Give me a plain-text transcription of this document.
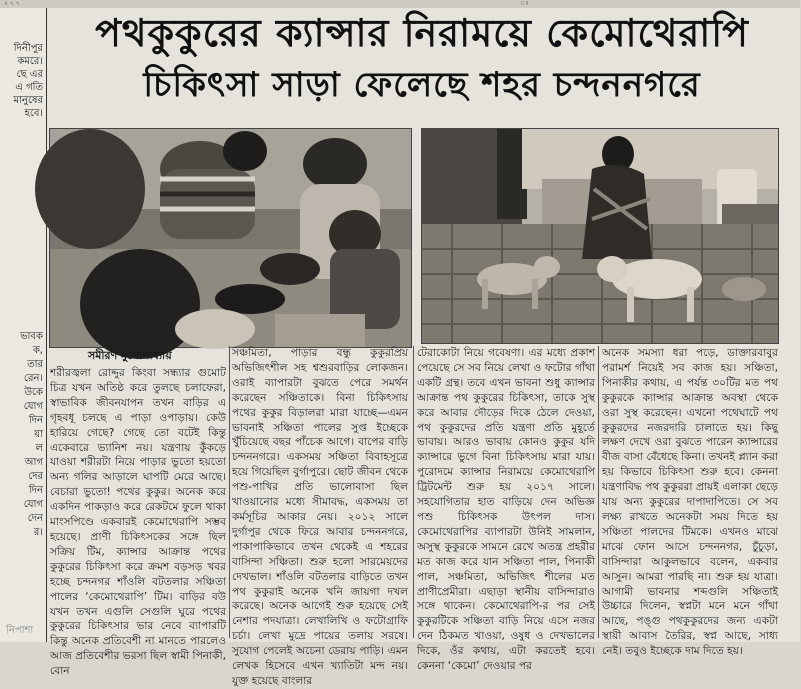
২ ৭ ৭	ঃ
দিনীপুর
কমরে।
ছে এর
এ গতি
মানুষের
হবে।
ভাবক
ক,
তার
রেন।
উকে
যোগ
দিন
য়া
ল
আগ
দের
দিন
যোগ
দেন
র।
পথকুকুরের ক্যান্সার নিরাময়ে কেমোথেরাপি
চিকিৎসা সাড়া ফেলেছে শহর চন্দননগরে
সমীরণ মুখোপাধ্যায়
শরীরজ্বলা রোদ্দুর কিংবা সন্ধ্যার গুমোট চিত্র যখন অতিষ্ঠ করে তুলছে চলাফেরা, স্বাভাবিক জীবনযাপন তখন বাড়ির এ গৃহবধূ চলছে এ পাড়া ওপাড়ায়। কেউ হারিয়ে গেছে? গেছে তো বটেই কিন্তু একেবারে ভ্যানিশ নয়। যন্ত্রণায় কুঁকড়ে যাওয়া শরীরটা নিয়ে পাড়ার ভুতো হয়তো অন্য গলির আড়ালে ঘাপটি মেরে আছে। বেচারা ভুতো! পথের কুকুর। অনেক করে একদিন পাকড়াও করে রেকটমে ফুলে থাকা মাংসপিণ্ডে একবারই কেমোথেরাপি সম্ভব হয়েছে। প্রাণী চিকিৎসকের সঙ্গে ছিল সক্রিয় টিম, ক্যান্সার আক্রান্ত পথের কুকুরের চিকিৎসা করে ক্রমশ বড়সড় খবর হচ্ছে চন্দনগর শাঁওলি বটতলার সঞ্চিতা পালের ‘কেমোথেরাপি’ টিম। বাড়ির বউ যখন তখন এগুলি সেগুলি ঘুরে পথের কুকুরের চিকিৎসার ভার নেবে ব্যাপারটি কিন্তু অনেক প্রতিবেশী না মানতে পারলেও আজ প্রতিবেশীর ভরসা ছিল স্বামী পিনাকী, বোন
সঞ্চমিতা, পাড়ার বন্ধু কুকুরপ্রিয় অভিজিৎশীল সহ শ্বশুরবাড়ির লোকজন। ওরাই ব্যাপারটা বুঝতে পেরে সমর্থন করেছেন সঞ্চিতাকে। বিনা চিকিৎসায় পথের কুকুর বিড়ালরা মারা যাচ্ছে—এমন ভাবনাই সঞ্চিতা পালের সুপ্ত ইচ্ছেকে খুঁচিয়েছে বছর পাঁচেক আগে। বাপের বাড়ি চন্দননগরে। একসময় সঞ্চিতা বিবাহসূত্রে হয়ে গিয়েছিল বুর্গাপুরে। ছোট জীবন থেকে পশু-পাখির প্রতি ভালোবাসা ছিল খাওয়ানোর মধ্যে সীমাবদ্ধ, একসময় তা কর্মসূচির আকার নেয়। ২০১২ সালে দুর্গাপুর থেকে ফিরে আবার চন্দননগরে, পাকাপাকিভাবে তখন থেকেই এ শহরের বাসিন্দা সঞ্চিতা। শুরু হলো সারমেয়দের দেখভাল। শাঁওলি বটতলার বাড়িতে তখন পথ কুকুরাই অনেক খনি জায়গা দখল করেছে। অনেক আগেই শুরু হয়েছে সেই নেশার পদযাত্রা। লেখালিখি ও ফটোগ্রাফি চর্চা। লেখা মুদ্রে পায়ের তলায় সরষে। সুযোগ পেলেই অচেনা ডেরায় পাড়ি। এমন লেখক হিসেবে এখন খ্যাতিটা মন্দ নয়। যুক্ত হয়েছে বাংলার
টেরাকোটা নিয়ে গবেষণা। এর মধ্যে প্রকাশ পেয়েছে সে সব নিয়ে লেখা ও ফটোর গাঁথা একটি গ্রন্থ। তবে এখন ভাবনা শুধু ক্যান্সার আক্রান্ত পথ কুকুরের চিকিৎসা, তাকে সুস্থ করে আবার দৌড়ের দিকে ঠেলে দেওয়া, পথ কুকুরদের প্রতি যন্ত্রণা প্রতি মুহূর্তে ভাবায়। আরও ভাবায় কোনও কুকুর যদি ক্যান্সারে ভুগে বিনা চিকিৎসায় মারা যায়। পুরোদমে ক্যান্সার নিরাময়ে কেমোথেরাপি ট্রিটমেন্ট শুরু হয় ২০১৭ সালে। সহযোগিতার হাত বাড়িয়ে দেন অভিজ্ঞ পশু চিকিৎসক উৎপল দাস। কেমোথেরাপির ব্যাপারটা উনিই সামলান, অসুস্থ কুকুরকে সামনে রেখে অতন্ত্র প্রহরীর মত কাজ করে যান সঞ্চিতা পাল, পিনাকী পাল, সঞ্চমিতা, অভিজিৎ শীলের মত প্রাণীপ্রেমীরা। এছাড়া স্থানীয় বাসিন্দারাও সঙ্গে থাকেন। কেমোথেরাপি-র পর সেই কুকুরটিকে সঞ্চিতা বাড়ি নিয়ে এসে নজর দেন ঠিকমত খাওয়া, ওষুধ ও দেখভালের দিকে, ওঁর কথায়, এটা করতেই হবে। কেননা ‘কেমো’ দেওয়ার পর
অনেক সমস্যা ধরা পড়ে, ডাক্তারবাবুর পরামর্শ নিয়েই সব কাজ হয়। সঞ্চিতা, পিনাকীর কথায়, এ পর্যন্ত ৩০টির মত পথ কুকুরকে ক্যান্সার আক্রান্ত অবস্থা থেকে ওরা সুস্থ করেছেন। এখনো পথেঘাটে পথ কুকুরদের নজরদারি চালাতে হয়। কিছু লক্ষণ দেখে ওরা বুঝতে পারেন ক্যান্সারের বীজ বাসা বেঁধেছে কিনা। তখনই প্ল্যান করা হয় কিভাবে চিকিৎসা শুরু হবে। কেননা যন্ত্রণাবিদ্ধ পথ কুকুররা প্রায়ই এলাকা ছেড়ে যায় অন্য কুকুরের দাপাদাপিতে। সে সব লক্ষ্য রাখতে অনেকটা সময় দিতে হয় সঞ্চিতা পালদের টিমকে। এখনও মাঝে মাঝে ফোন আসে চন্দননগর, চুঁচুড়া, বাসিন্দারা আকুলভাবে বলেন, একবার আসুন। আমরা পারছি না। শুরু হয় যাত্রা। আগামী ভাবনার শব্দগুলি সঞ্চিতাই উচ্চারে দিলেন, স্বপ্নটা মনে মনে গাঁথা আছে, পঙ্গু পথকুকুরদের জন্য একটা স্থায়ী আবাস তৈরির, স্বপ্ন আছে, সাধ্য নেই। তবুও ইচ্ছেকে দাম দিতে হয়।
নিপাশা
